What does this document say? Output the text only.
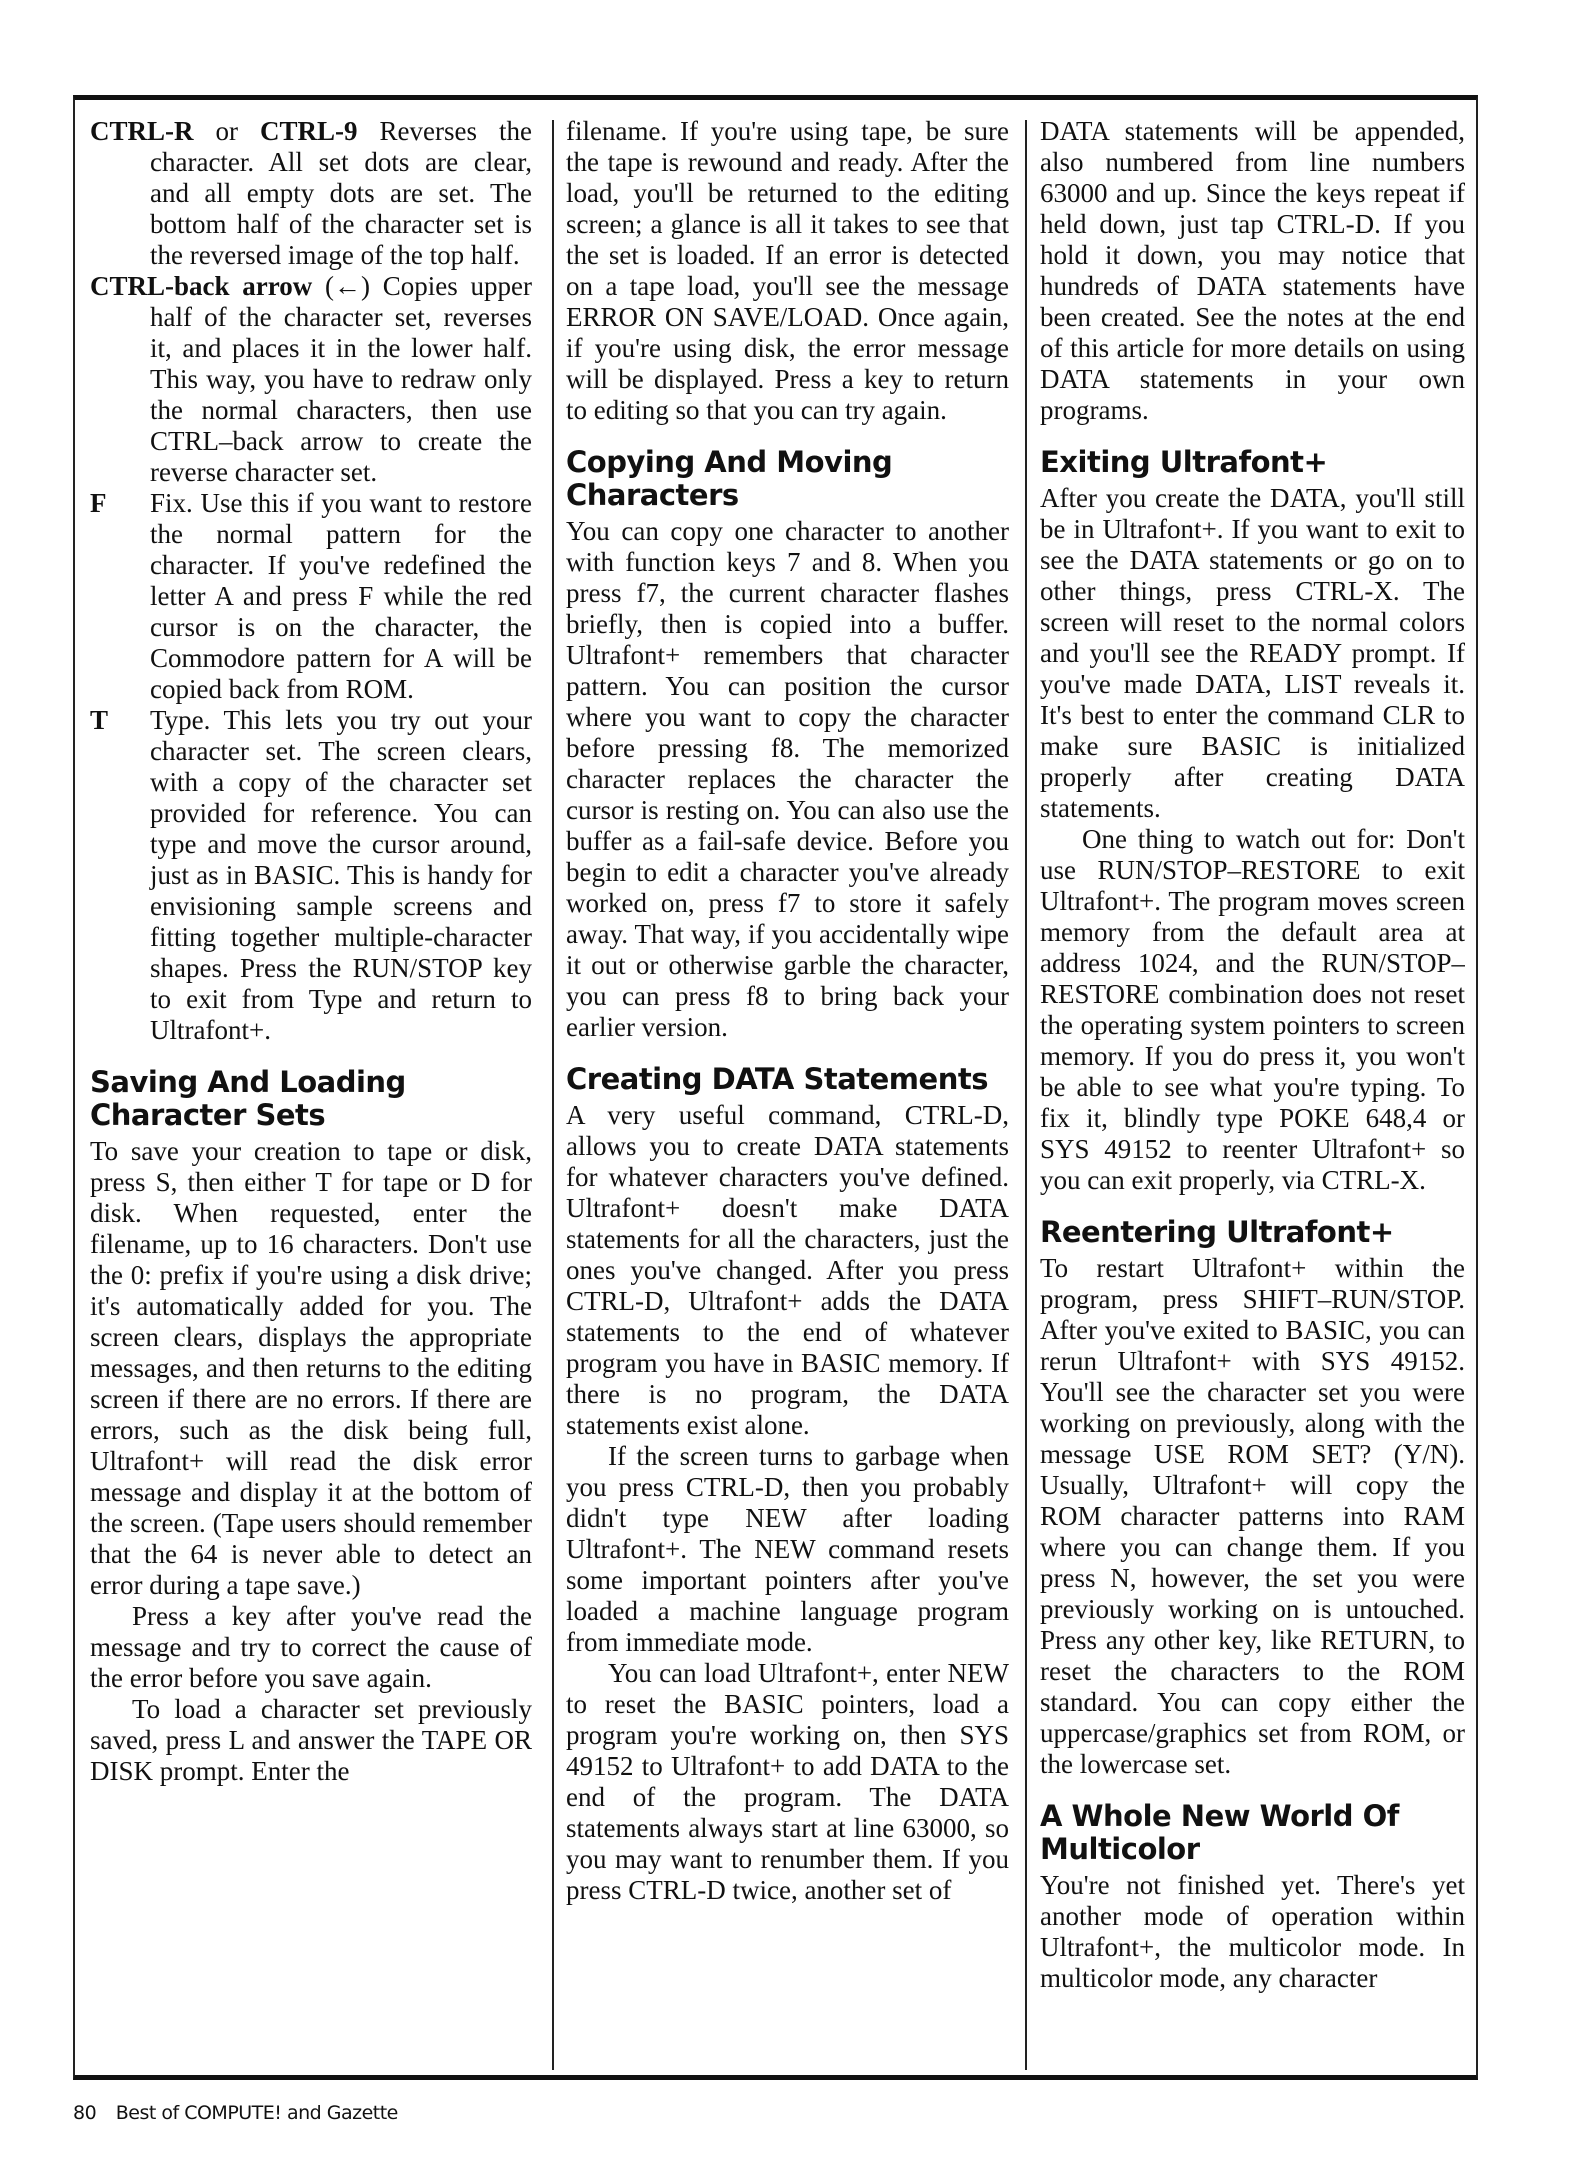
CTRL-R or CTRL-9 Reverses the character. All set dots are clear, and all empty dots are set. The bottom half of the character set is the reversed image of the top half.

CTRL-back arrow (←) Copies upper half of the character set, reverses it, and places it in the lower half. This way, you have to redraw only the normal characters, then use CTRL–back arrow to create the reverse character set.

F Fix. Use this if you want to restore the normal pattern for the character. If you've redefined the letter A and press F while the red cursor is on the character, the Commodore pattern for A will be copied back from ROM.

T Type. This lets you try out your character set. The screen clears, with a copy of the character set provided for reference. You can type and move the cursor around, just as in BASIC. This is handy for envisioning sample screens and fitting together multiple-character shapes. Press the RUN/STOP key to exit from Type and return to Ultrafont+.

Saving And Loading Character Sets

To save your creation to tape or disk, press S, then either T for tape or D for disk. When requested, enter the filename, up to 16 characters. Don't use the 0: prefix if you're using a disk drive; it's automatically added for you. The screen clears, displays the appropriate messages, and then returns to the editing screen if there are no errors. If there are errors, such as the disk being full, Ultrafont+ will read the disk error message and display it at the bottom of the screen. (Tape users should remember that the 64 is never able to detect an error during a tape save.)

Press a key after you've read the message and try to correct the cause of the error before you save again.

To load a character set previously saved, press L and answer the TAPE OR DISK prompt. Enter the

filename. If you're using tape, be sure the tape is rewound and ready. After the load, you'll be returned to the editing screen; a glance is all it takes to see that the set is loaded. If an error is detected on a tape load, you'll see the message ERROR ON SAVE/LOAD. Once again, if you're using disk, the error message will be displayed. Press a key to return to editing so that you can try again.

Copying And Moving Characters

You can copy one character to another with function keys 7 and 8. When you press f7, the current character flashes briefly, then is copied into a buffer. Ultrafont+ remembers that character pattern. You can position the cursor where you want to copy the character before pressing f8. The memorized character replaces the character the cursor is resting on. You can also use the buffer as a fail-safe device. Before you begin to edit a character you've already worked on, press f7 to store it safely away. That way, if you accidentally wipe it out or otherwise garble the character, you can press f8 to bring back your earlier version.

Creating DATA Statements

A very useful command, CTRL-D, allows you to create DATA statements for whatever characters you've defined. Ultrafont+ doesn't make DATA statements for all the characters, just the ones you've changed. After you press CTRL-D, Ultrafont+ adds the DATA statements to the end of whatever program you have in BASIC memory. If there is no program, the DATA statements exist alone.

If the screen turns to garbage when you press CTRL-D, then you probably didn't type NEW after loading Ultrafont+. The NEW command resets some important pointers after you've loaded a machine language program from immediate mode.

You can load Ultrafont+, enter NEW to reset the BASIC pointers, load a program you're working on, then SYS 49152 to Ultrafont+ to add DATA to the end of the program. The DATA statements always start at line 63000, so you may want to renumber them. If you press CTRL-D twice, another set of

DATA statements will be appended, also numbered from line numbers 63000 and up. Since the keys repeat if held down, just tap CTRL-D. If you hold it down, you may notice that hundreds of DATA statements have been created. See the notes at the end of this article for more details on using DATA statements in your own programs.

Exiting Ultrafont+

After you create the DATA, you'll still be in Ultrafont+. If you want to exit to see the DATA statements or go on to other things, press CTRL-X. The screen will reset to the normal colors and you'll see the READY prompt. If you've made DATA, LIST reveals it. It's best to enter the command CLR to make sure BASIC is initialized properly after creating DATA statements.

One thing to watch out for: Don't use RUN/STOP–RESTORE to exit Ultrafont+. The program moves screen memory from the default area at address 1024, and the RUN/STOP–RESTORE combination does not reset the operating system pointers to screen memory. If you do press it, you won't be able to see what you're typing. To fix it, blindly type POKE 648,4 or SYS 49152 to reenter Ultrafont+ so you can exit properly, via CTRL-X.

Reentering Ultrafont+

To restart Ultrafont+ within the program, press SHIFT–RUN/STOP. After you've exited to BASIC, you can rerun Ultrafont+ with SYS 49152. You'll see the character set you were working on previously, along with the message USE ROM SET? (Y/N). Usually, Ultrafont+ will copy the ROM character patterns into RAM where you can change them. If you press N, however, the set you were previously working on is untouched. Press any other key, like RETURN, to reset the characters to the ROM standard. You can copy either the uppercase/graphics set from ROM, or the lowercase set.

A Whole New World Of Multicolor

You're not finished yet. There's yet another mode of operation within Ultrafont+, the multicolor mode. In multicolor mode, any character

80 Best of COMPUTE! and Gazette
